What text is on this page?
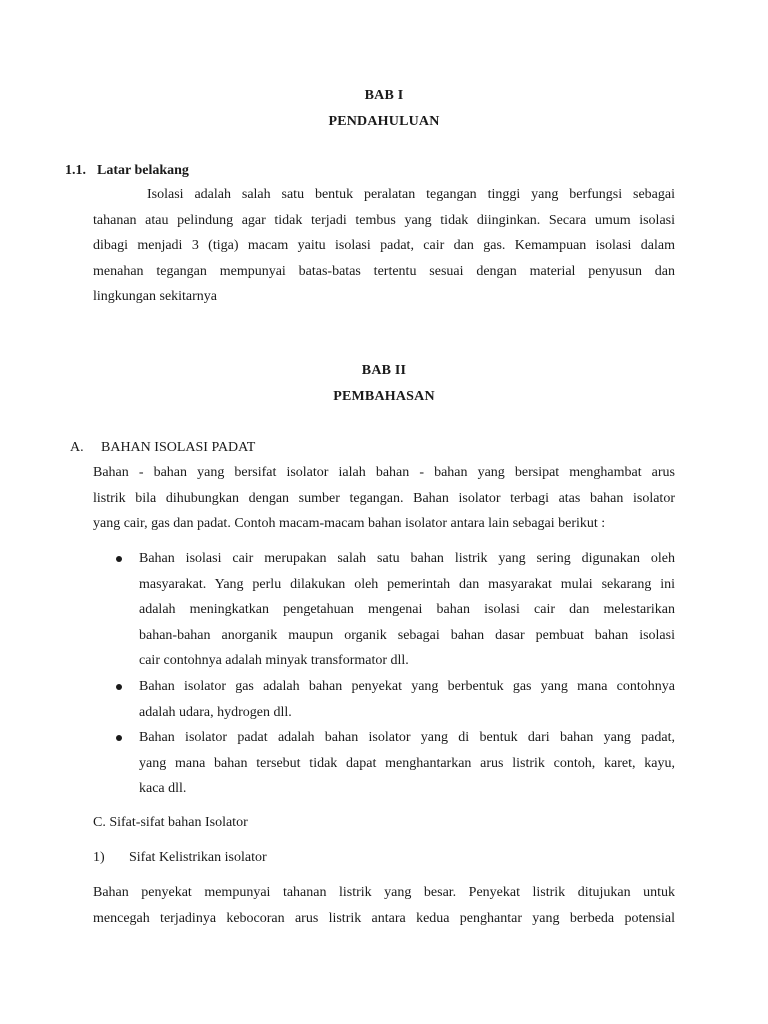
BAB I
PENDAHULUAN
1.1. Latar belakang
Isolasi adalah salah satu bentuk peralatan tegangan tinggi yang berfungsi sebagai
tahanan atau pelindung agar tidak terjadi tembus yang tidak diinginkan. Secara umum isolasi
dibagi menjadi 3 (tiga) macam yaitu isolasi padat, cair dan gas. Kemampuan isolasi dalam
menahan tegangan mempunyai batas-batas tertentu sesuai dengan material penyusun dan
lingkungan sekitarnya
BAB II
PEMBAHASAN
A. BAHAN ISOLASI PADAT
Bahan - bahan yang bersifat isolator ialah bahan - bahan yang bersipat menghambat arus
listrik bila dihubungkan dengan sumber tegangan. Bahan isolator terbagi atas bahan isolator
yang cair, gas dan padat. Contoh macam-macam bahan isolator antara lain sebagai berikut :
Bahan isolasi cair merupakan salah satu bahan listrik yang sering digunakan oleh
masyarakat. Yang perlu dilakukan oleh pemerintah dan masyarakat mulai sekarang ini
adalah meningkatkan pengetahuan mengenai bahan isolasi cair dan melestarikan
bahan-bahan anorganik maupun organik sebagai bahan dasar pembuat bahan isolasi
cair contohnya adalah minyak transformator dll.
Bahan isolator gas adalah bahan penyekat yang berbentuk gas yang mana contohnya
adalah udara, hydrogen dll.
Bahan isolator padat adalah bahan isolator yang di bentuk dari bahan yang padat,
yang mana bahan tersebut tidak dapat menghantarkan arus listrik contoh, karet, kayu,
kaca dll.
C. Sifat-sifat bahan Isolator
1) Sifat Kelistrikan isolator
Bahan penyekat mempunyai tahanan listrik yang besar. Penyekat listrik ditujukan untuk
mencegah terjadinya kebocoran arus listrik antara kedua penghantar yang berbeda potensial
